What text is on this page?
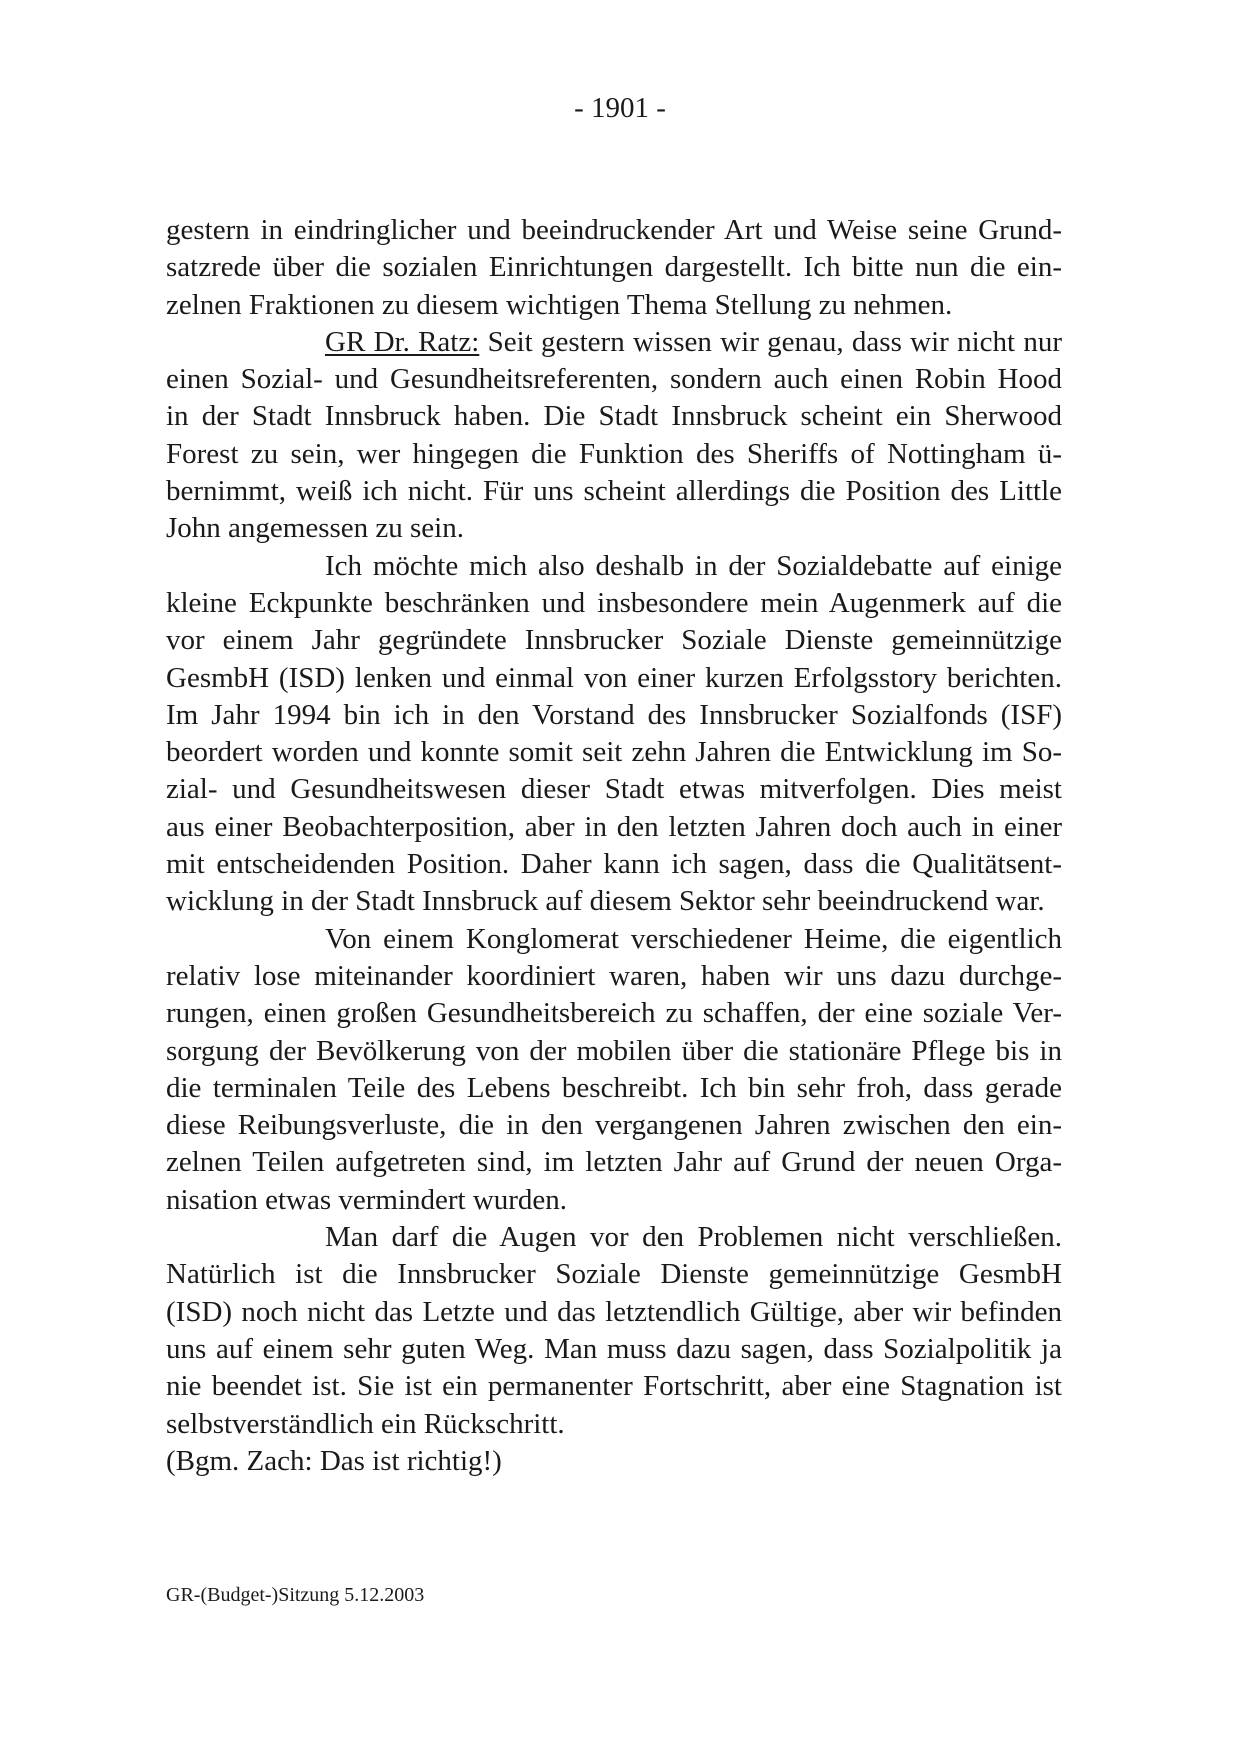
- 1901 -
gestern in eindringlicher und beeindruckender Art und Weise seine Grund-
satzrede über die sozialen Einrichtungen dargestellt. Ich bitte nun die ein-
zelnen Fraktionen zu diesem wichtigen Thema Stellung zu nehmen.
GR Dr. Ratz: Seit gestern wissen wir genau, dass wir nicht nur
einen Sozial- und Gesundheitsreferenten, sondern auch einen Robin Hood
in der Stadt Innsbruck haben. Die Stadt Innsbruck scheint ein Sherwood
Forest zu sein, wer hingegen die Funktion des Sheriffs of Nottingham ü-
bernimmt, weiß ich nicht. Für uns scheint allerdings die Position des Little
John angemessen zu sein.
Ich möchte mich also deshalb in der Sozialdebatte auf einige
kleine Eckpunkte beschränken und insbesondere mein Augenmerk auf die
vor einem Jahr gegründete Innsbrucker Soziale Dienste gemeinnützige
GesmbH (ISD) lenken und einmal von einer kurzen Erfolgsstory berichten.
Im Jahr 1994 bin ich in den Vorstand des Innsbrucker Sozialfonds (ISF)
beordert worden und konnte somit seit zehn Jahren die Entwicklung im So-
zial- und Gesundheitswesen dieser Stadt etwas mitverfolgen. Dies meist
aus einer Beobachterposition, aber in den letzten Jahren doch auch in einer
mit entscheidenden Position. Daher kann ich sagen, dass die Qualitätsent-
wicklung in der Stadt Innsbruck auf diesem Sektor sehr beeindruckend war.
Von einem Konglomerat verschiedener Heime, die eigentlich
relativ lose miteinander koordiniert waren, haben wir uns dazu durchge-
rungen, einen großen Gesundheitsbereich zu schaffen, der eine soziale Ver-
sorgung der Bevölkerung von der mobilen über die stationäre Pflege bis in
die terminalen Teile des Lebens beschreibt. Ich bin sehr froh, dass gerade
diese Reibungsverluste, die in den vergangenen Jahren zwischen den ein-
zelnen Teilen aufgetreten sind, im letzten Jahr auf Grund der neuen Orga-
nisation etwas vermindert wurden.
Man darf die Augen vor den Problemen nicht verschließen.
Natürlich ist die Innsbrucker Soziale Dienste gemeinnützige GesmbH
(ISD) noch nicht das Letzte und das letztendlich Gültige, aber wir befinden
uns auf einem sehr guten Weg. Man muss dazu sagen, dass Sozialpolitik ja
nie beendet ist. Sie ist ein permanenter Fortschritt, aber eine Stagnation ist
selbstverständlich ein Rückschritt.
(Bgm. Zach: Das ist richtig!)
GR-(Budget-)Sitzung 5.12.2003
